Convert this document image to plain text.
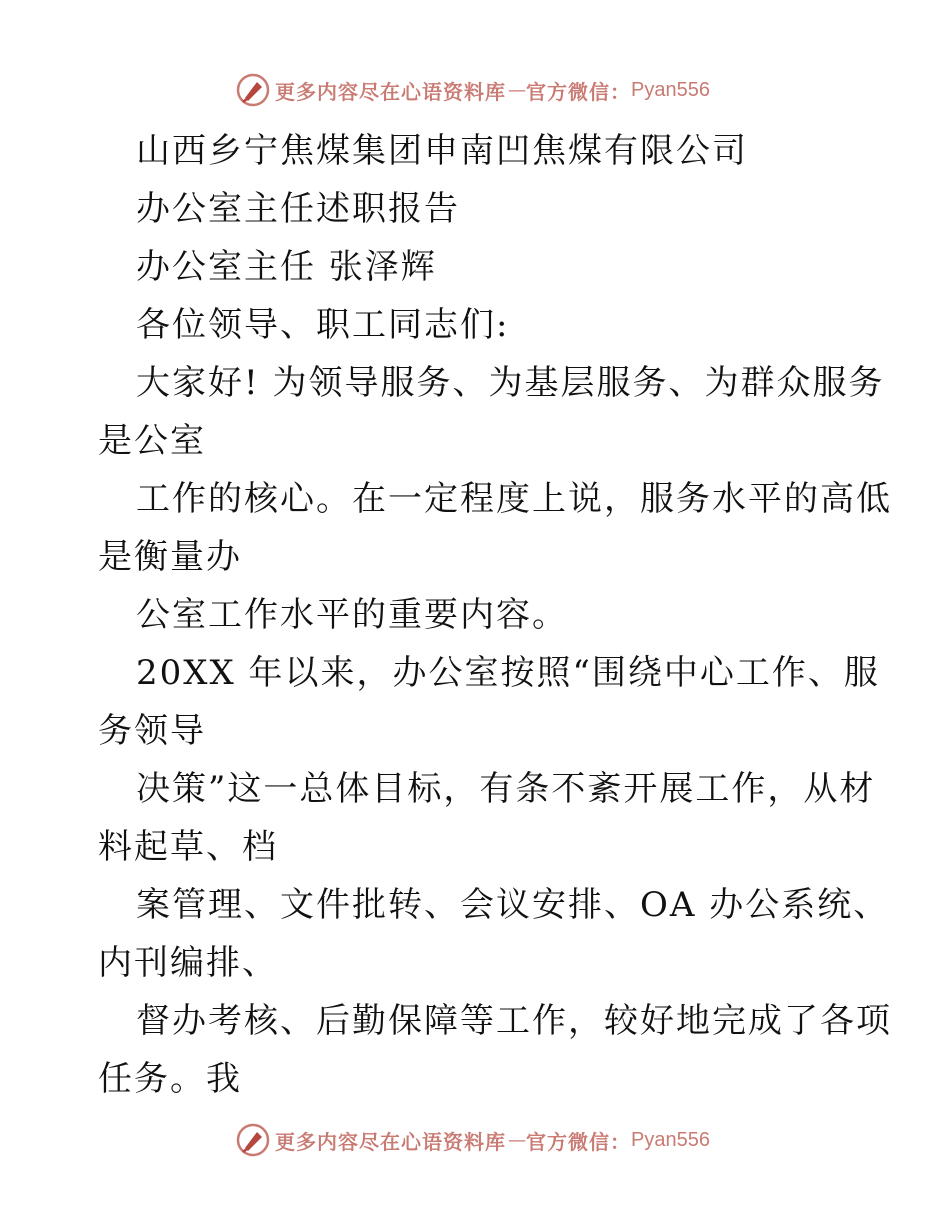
更多内容尽在心语资料库 — 官方微信： Pyan556
山西乡宁焦煤集团申南凹焦煤有限公司
办公室主任述职报告
办公室主任 张泽辉
各位领导、职工同志们:
大家好! 为领导服务、为基层服务、为群众服务
是公室
工作的核心。在一定程度上说，服务水平的高低
是衡量办
公室工作水平的重要内容。
20XX 年以来，办公室按照“围绕中心工作、服
务领导
决策”这一总体目标，有条不紊开展工作，从材
料起草、档
案管理、文件批转、会议安排、OA 办公系统、
内刊编排、
督办考核、后勤保障等工作，较好地完成了各项
任务。我
更多内容尽在心语资料库 — 官方微信： Pyan556
